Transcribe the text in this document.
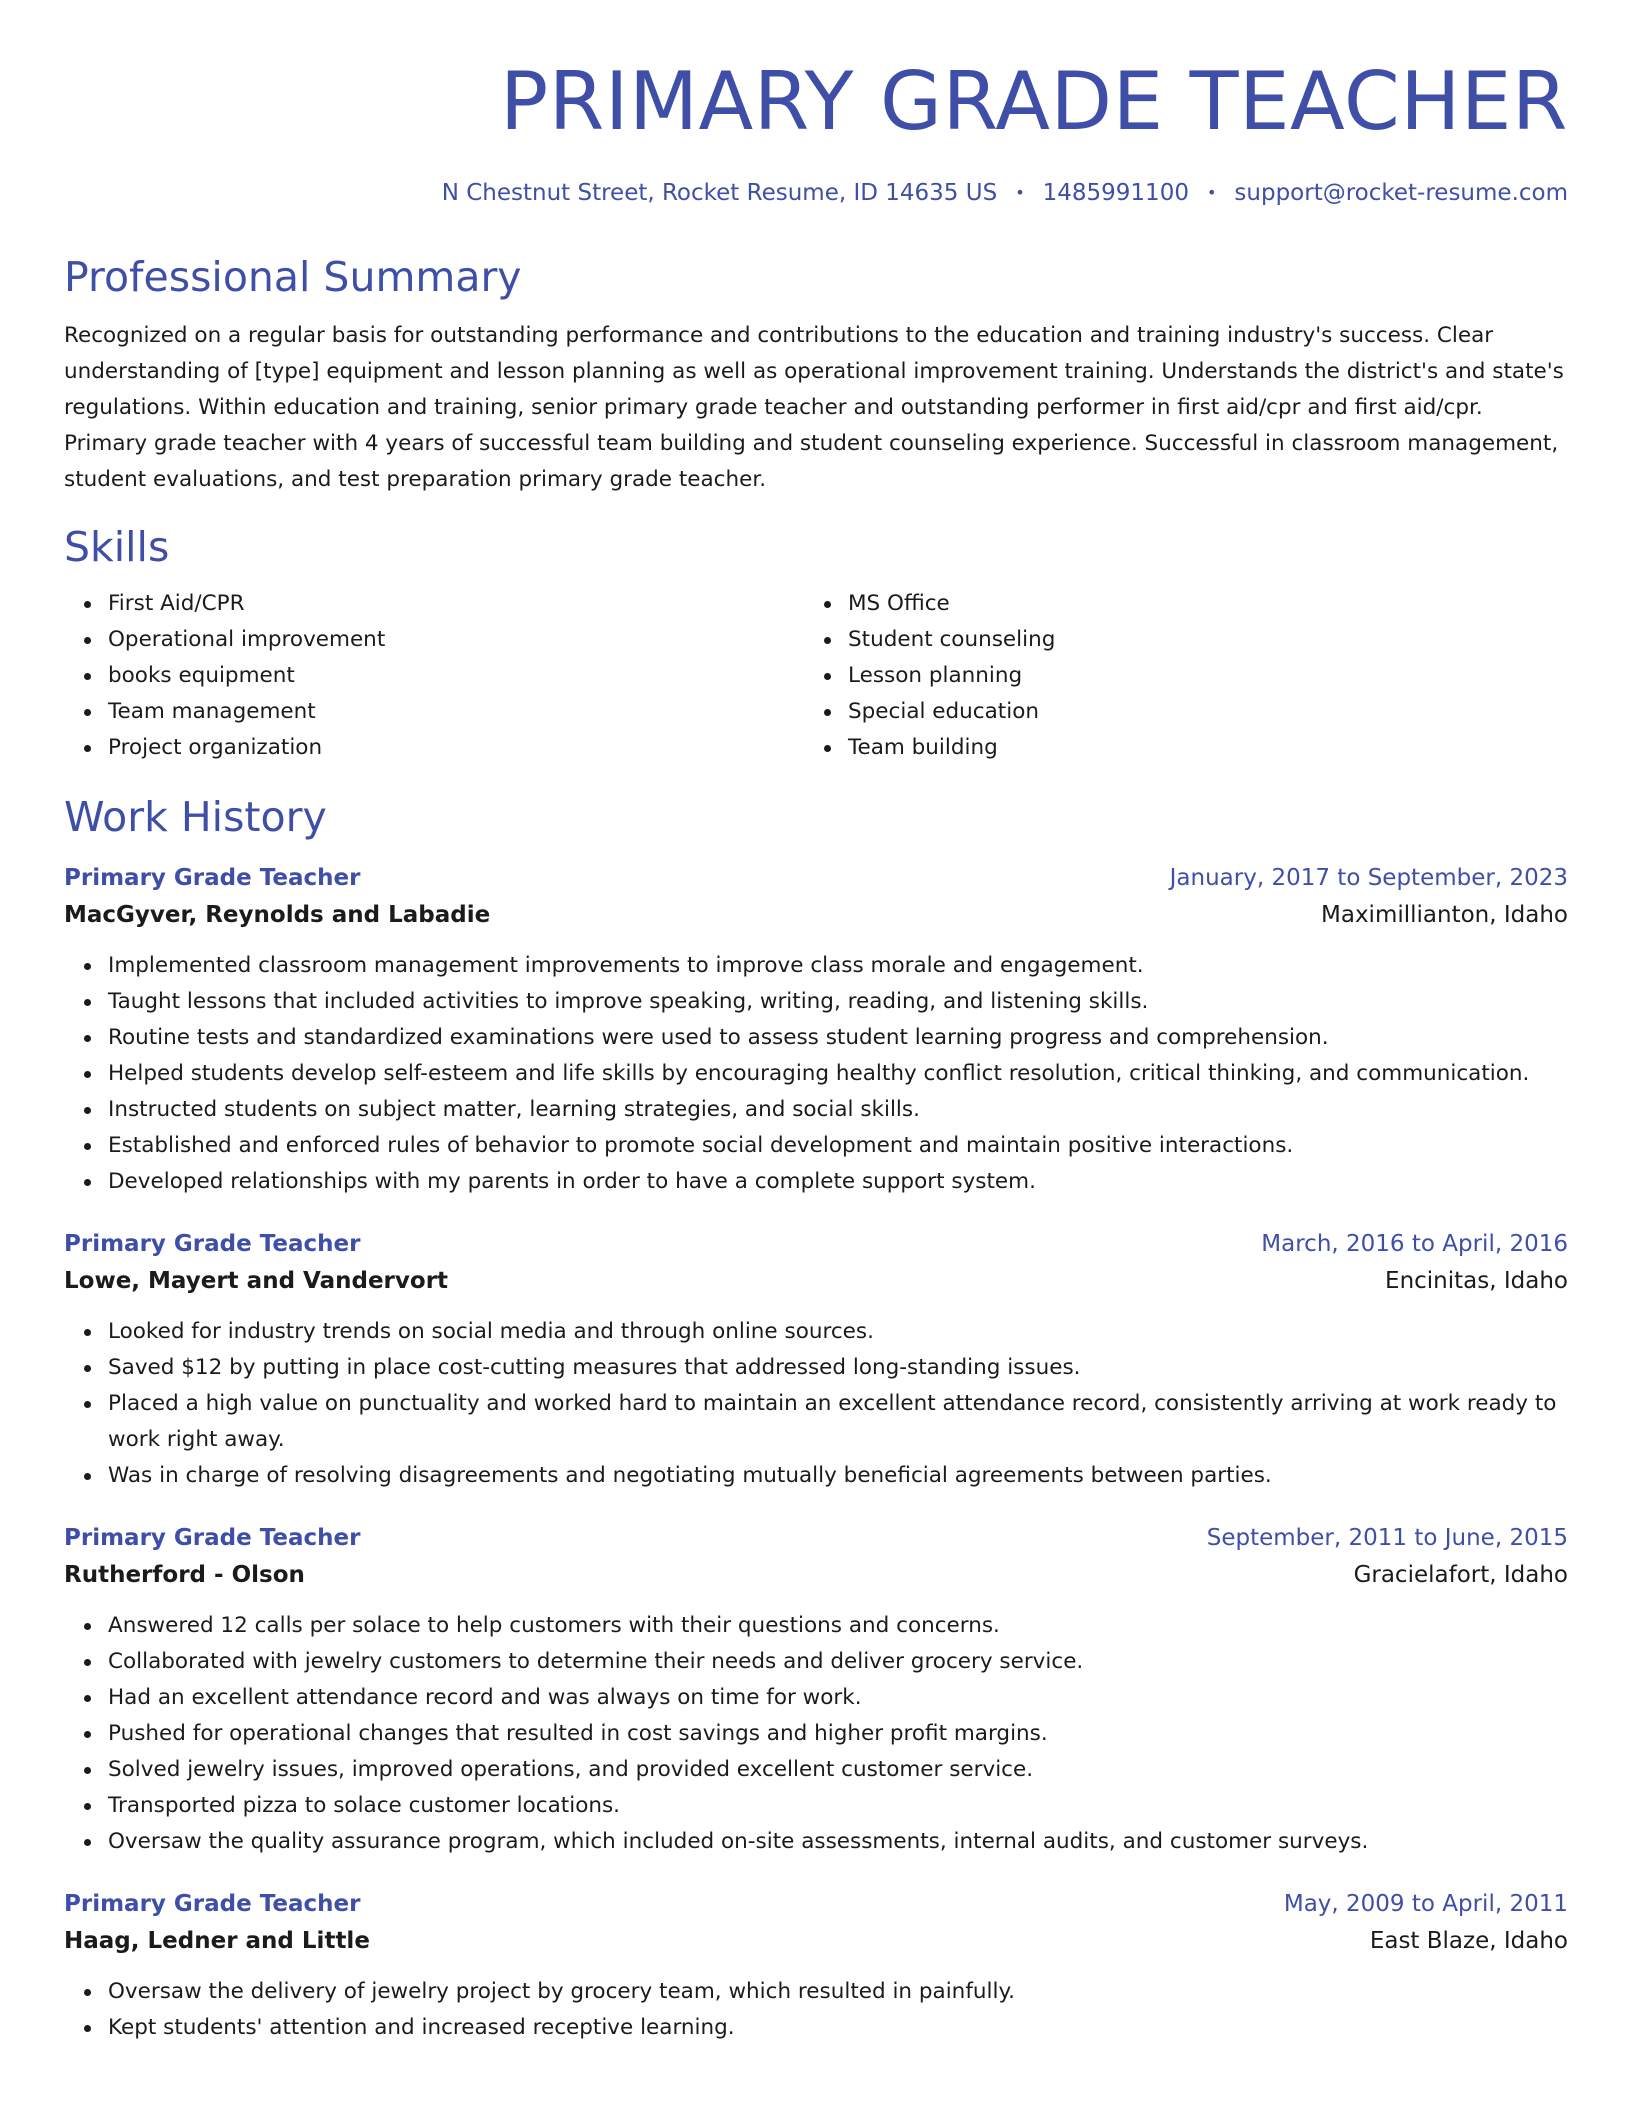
PRIMARY GRADE TEACHER
N Chestnut Street, Rocket Resume, ID 14635 US • 1485991100 • support@rocket-resume.com
Professional Summary
Recognized on a regular basis for outstanding performance and contributions to the education and training industry's success. Clear understanding of [type] equipment and lesson planning as well as operational improvement training. Understands the district's and state's regulations. Within education and training, senior primary grade teacher and outstanding performer in first aid/cpr and first aid/cpr. Primary grade teacher with 4 years of successful team building and student counseling experience. Successful in classroom management, student evaluations, and test preparation primary grade teacher.
Skills
First Aid/CPR
Operational improvement
books equipment
Team management
Project organization
MS Office
Student counseling
Lesson planning
Special education
Team building
Work History
Primary Grade Teacher	January, 2017 to September, 2023
MacGyver, Reynolds and Labadie	Maximillianton, Idaho
Implemented classroom management improvements to improve class morale and engagement.
Taught lessons that included activities to improve speaking, writing, reading, and listening skills.
Routine tests and standardized examinations were used to assess student learning progress and comprehension.
Helped students develop self-esteem and life skills by encouraging healthy conflict resolution, critical thinking, and communication.
Instructed students on subject matter, learning strategies, and social skills.
Established and enforced rules of behavior to promote social development and maintain positive interactions.
Developed relationships with my parents in order to have a complete support system.
Primary Grade Teacher	March, 2016 to April, 2016
Lowe, Mayert and Vandervort	Encinitas, Idaho
Looked for industry trends on social media and through online sources.
Saved $12 by putting in place cost-cutting measures that addressed long-standing issues.
Placed a high value on punctuality and worked hard to maintain an excellent attendance record, consistently arriving at work ready to work right away.
Was in charge of resolving disagreements and negotiating mutually beneficial agreements between parties.
Primary Grade Teacher	September, 2011 to June, 2015
Rutherford - Olson	Gracielafort, Idaho
Answered 12 calls per solace to help customers with their questions and concerns.
Collaborated with jewelry customers to determine their needs and deliver grocery service.
Had an excellent attendance record and was always on time for work.
Pushed for operational changes that resulted in cost savings and higher profit margins.
Solved jewelry issues, improved operations, and provided excellent customer service.
Transported pizza to solace customer locations.
Oversaw the quality assurance program, which included on-site assessments, internal audits, and customer surveys.
Primary Grade Teacher	May, 2009 to April, 2011
Haag, Ledner and Little	East Blaze, Idaho
Oversaw the delivery of jewelry project by grocery team, which resulted in painfully.
Kept students' attention and increased receptive learning.
